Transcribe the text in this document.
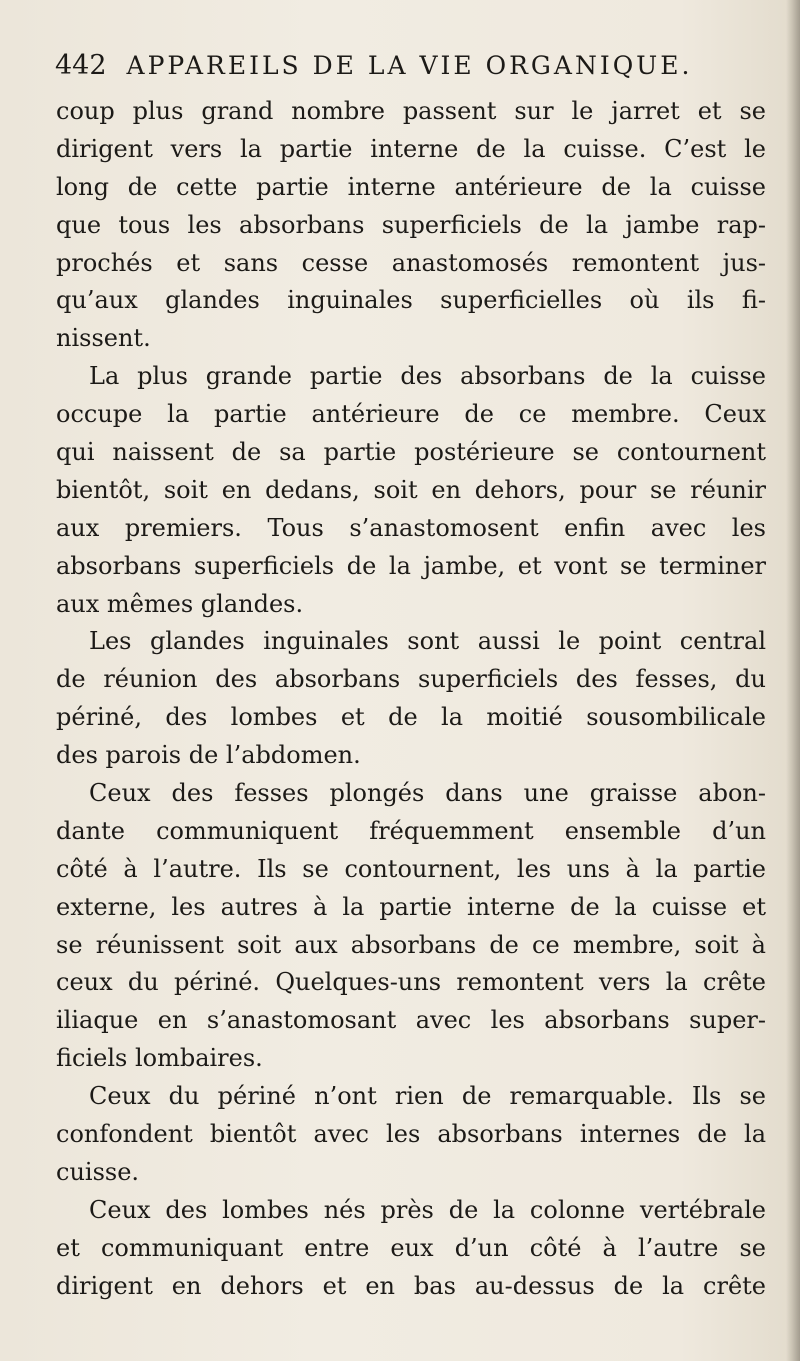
442 APPAREILS DE LA VIE ORGANIQUE.
coup plus grand nombre passent sur le jarret et se
dirigent vers la partie interne de la cuisse. C’est le
long de cette partie interne antérieure de la cuisse
que tous les absorbans superficiels de la jambe rap-
prochés et sans cesse anastomosés remontent jus-
qu’aux glandes inguinales superficielles où ils fi-
nissent.
La plus grande partie des absorbans de la cuisse
occupe la partie antérieure de ce membre. Ceux
qui naissent de sa partie postérieure se contournent
bientôt, soit en dedans, soit en dehors, pour se réunir
aux premiers. Tous s’anastomosent enfin avec les
absorbans superficiels de la jambe, et vont se terminer
aux mêmes glandes.
Les glandes inguinales sont aussi le point central
de réunion des absorbans superficiels des fesses, du
périné, des lombes et de la moitié sousombilicale
des parois de l’abdomen.
Ceux des fesses plongés dans une graisse abon-
dante communiquent fréquemment ensemble d’un
côté à l’autre. Ils se contournent, les uns à la partie
externe, les autres à la partie interne de la cuisse et
se réunissent soit aux absorbans de ce membre, soit à
ceux du périné. Quelques-uns remontent vers la crête
iliaque en s’anastomosant avec les absorbans super-
ficiels lombaires.
Ceux du périné n’ont rien de remarquable. Ils se
confondent bientôt avec les absorbans internes de la
cuisse.
Ceux des lombes nés près de la colonne vertébrale
et communiquant entre eux d’un côté à l’autre se
dirigent en dehors et en bas au-dessus de la crête
